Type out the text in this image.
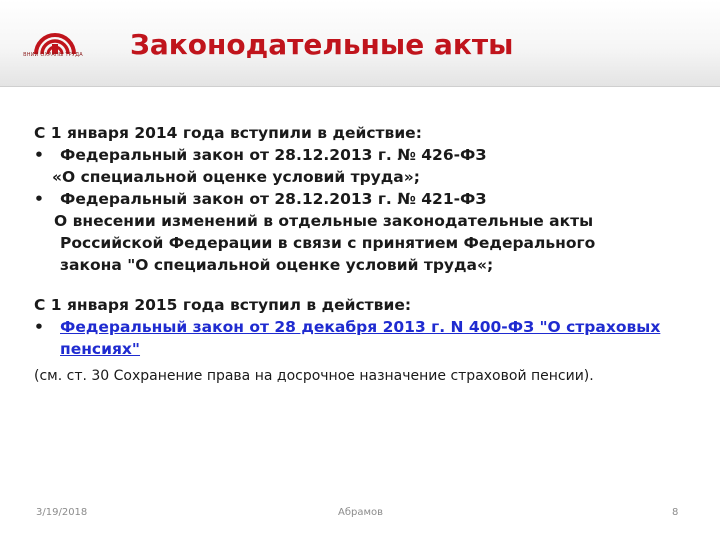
ВНИИ ОХРАНЫ ТРУДА Законодательные акты
С 1 января 2014 года вступили в действие:
•	Федеральный закон от 28.12.2013 г. № 426-ФЗ
«О специальной оценке условий труда»;
•	Федеральный закон от 28.12.2013 г. № 421-ФЗ
О внесении изменений в отдельные законодательные акты
Российской Федерации в связи с принятием Федерального
закона "О специальной оценке условий труда«;
С 1 января 2015 года вступил в действие:
•	Федеральный закон от 28 декабря 2013 г. N 400-ФЗ "О страховых
пенсиях"
(см. ст. 30 Сохранение права на досрочное назначение страховой пенсии).
3/19/2018	Абрамов	8
